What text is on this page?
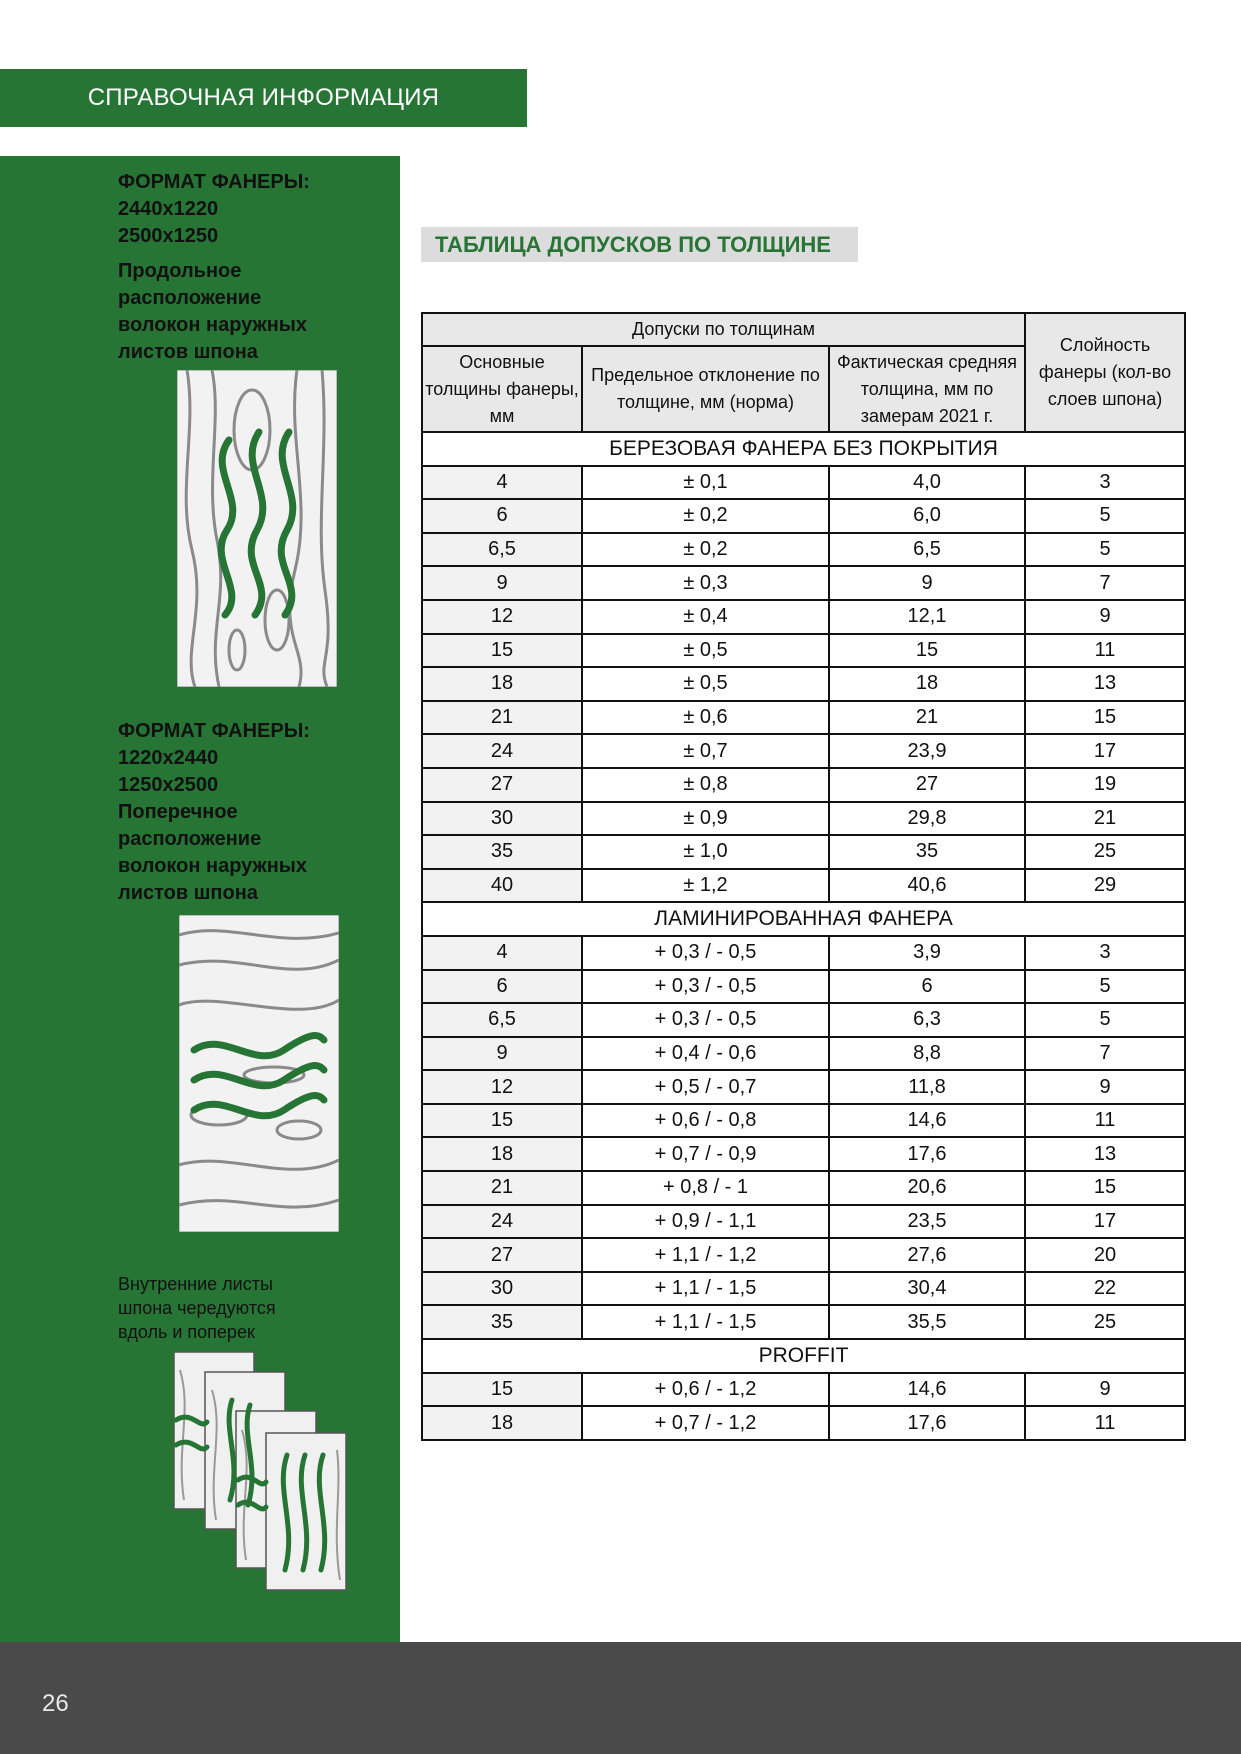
СПРАВОЧНАЯ ИНФОРМАЦИЯ
ФОРМАТ ФАНЕРЫ:
2440х1220
2500х1250
Продольное
расположение
волокон наружных
листов шпона
ФОРМАТ ФАНЕРЫ:
1220х2440
1250х2500
Поперечное
расположение
волокон наружных
листов шпона
Внутренние листы
шпона чередуются
вдоль и поперек
ТАБЛИЦА ДОПУСКОВ ПО ТОЛЩИНЕ
Допуски по толщинам			Слойность фанеры (кол-во слоев шпона)
Основные толщины фанеры, мм	Предельное отклонение по толщине, мм (норма)	Фактическая средняя толщина, мм по замерам 2021 г.	
БЕРЕЗОВАЯ ФАНЕРА БЕЗ ПОКРЫТИЯ			
4	± 0,1	4,0	3
6	± 0,2	6,0	5
6,5	± 0,2	6,5	5
9	± 0,3	9	7
12	± 0,4	12,1	9
15	± 0,5	15	11
18	± 0,5	18	13
21	± 0,6	21	15
24	± 0,7	23,9	17
27	± 0,8	27	19
30	± 0,9	29,8	21
35	± 1,0	35	25
40	± 1,2	40,6	29
ЛАМИНИРОВАННАЯ ФАНЕРА			
4	+ 0,3 / - 0,5	3,9	3
6	+ 0,3 / - 0,5	6	5
6,5	+ 0,3 / - 0,5	6,3	5
9	+ 0,4 / - 0,6	8,8	7
12	+ 0,5 / - 0,7	11,8	9
15	+ 0,6 / - 0,8	14,6	11
18	+ 0,7 / - 0,9	17,6	13
21	+ 0,8 / - 1	20,6	15
24	+ 0,9 / - 1,1	23,5	17
27	+ 1,1 / - 1,2	27,6	20
30	+ 1,1 / - 1,5	30,4	22
35	+ 1,1 / - 1,5	35,5	25
PROFFIT			
15	+ 0,6 / - 1,2	14,6	9
18	+ 0,7 / - 1,2	17,6	11
26
